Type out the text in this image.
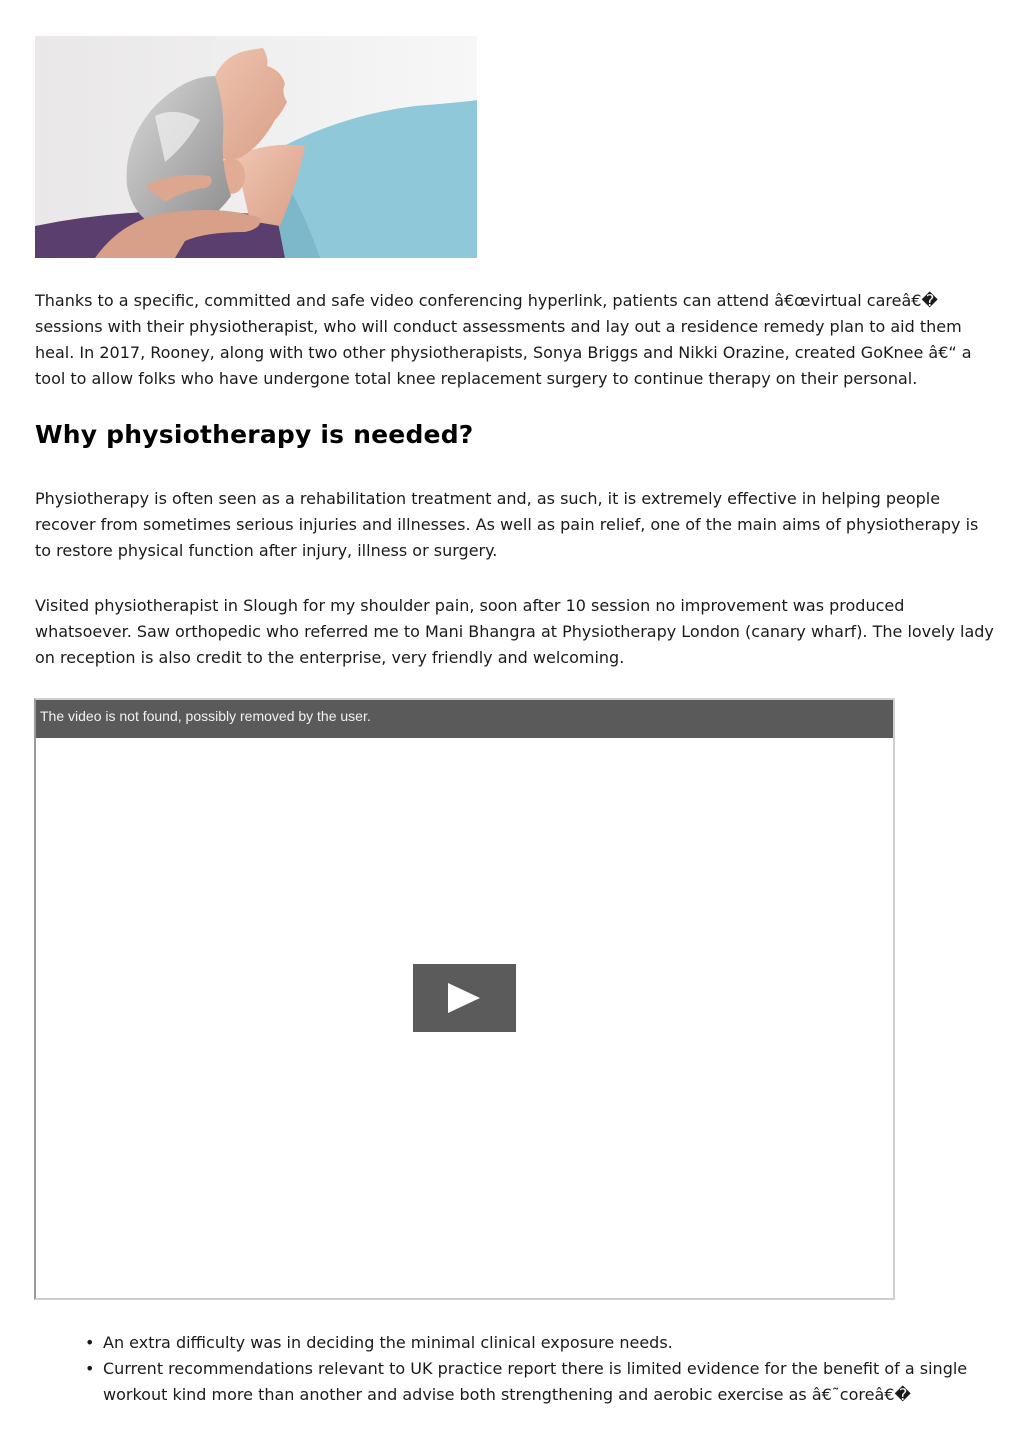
Thanks to a specific, committed and safe video conferencing hyperlink, patients can attend â€œvirtual careâ€� sessions with their physiotherapist, who will conduct assessments and lay out a residence remedy plan to aid them heal. In 2017, Rooney, along with two other physiotherapists, Sonya Briggs and Nikki Orazine, created GoKnee â€“ a tool to allow folks who have undergone total knee replacement surgery to continue therapy on their personal.

Why physiotherapy is needed?

Physiotherapy is often seen as a rehabilitation treatment and, as such, it is extremely effective in helping people recover from sometimes serious injuries and illnesses. As well as pain relief, one of the main aims of physiotherapy is to restore physical function after injury, illness or surgery.

Visited physiotherapist in Slough for my shoulder pain, soon after 10 session no improvement was produced whatsoever. Saw orthopedic who referred me to Mani Bhangra at Physiotherapy London (canary wharf). The lovely lady on reception is also credit to the enterprise, very friendly and welcoming.

The video is not found, possibly removed by the user.
• An extra difficulty was in deciding the minimal clinical exposure needs.
• Current recommendations relevant to UK practice report there is limited evidence for the benefit of a single workout kind more than another and advise both strengthening and aerobic exercise as â€˜coreâ€�
